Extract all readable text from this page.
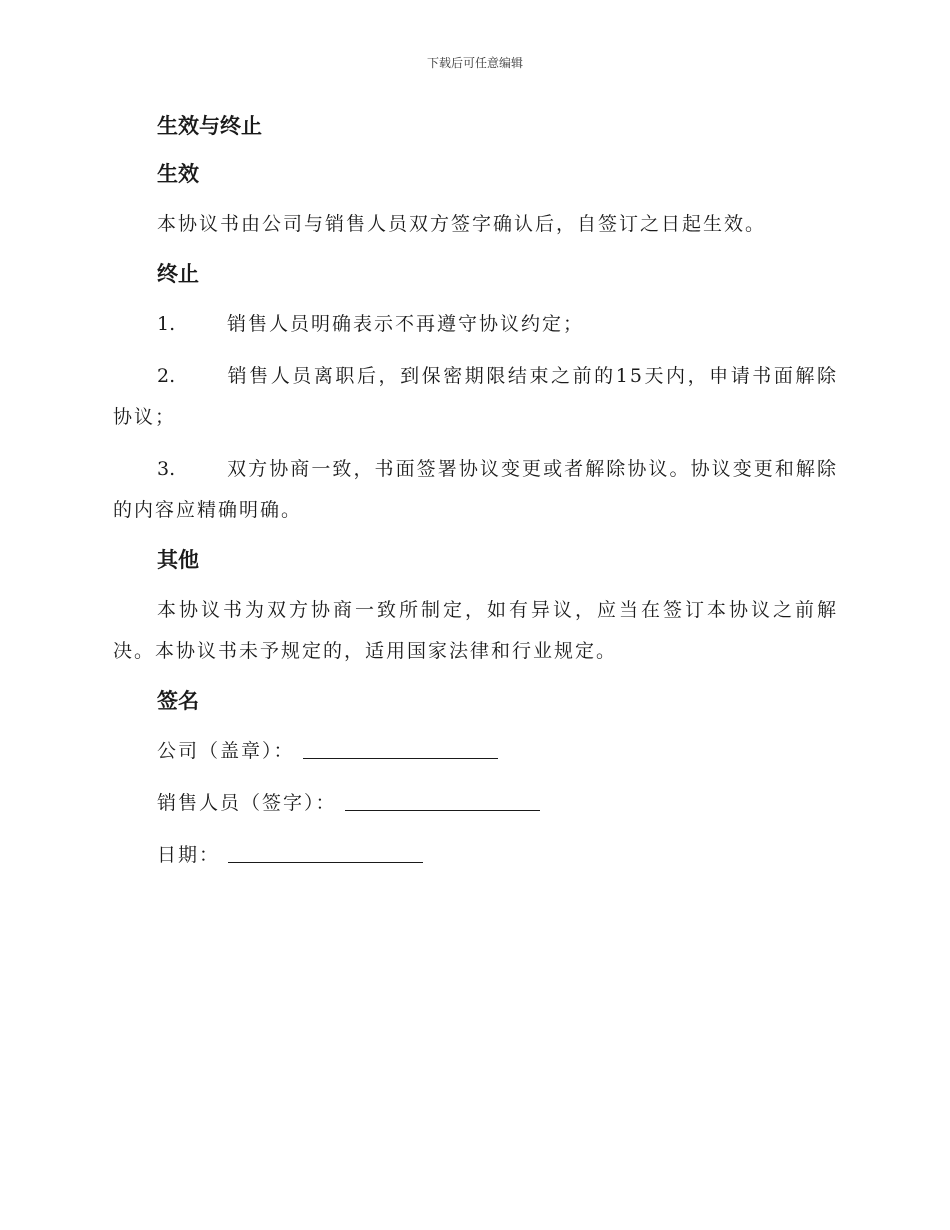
下载后可任意编辑
生效与终止
生效

本协议书由公司与销售人员双方签字确认后，自签订之日起生效。

终止

1.	销售人员明确表示不再遵守协议约定；

2.	销售人员离职后，到保密期限结束之前的15天内，申请书面解除协议；

3.	双方协商一致，书面签署协议变更或者解除协议。协议变更和解除的内容应精确明确。

其他

本协议书为双方协商一致所制定，如有异议，应当在签订本协议之前解决。本协议书未予规定的，适用国家法律和行业规定。

签名

公司（盖章）：

销售人员（签字）：

日期：
